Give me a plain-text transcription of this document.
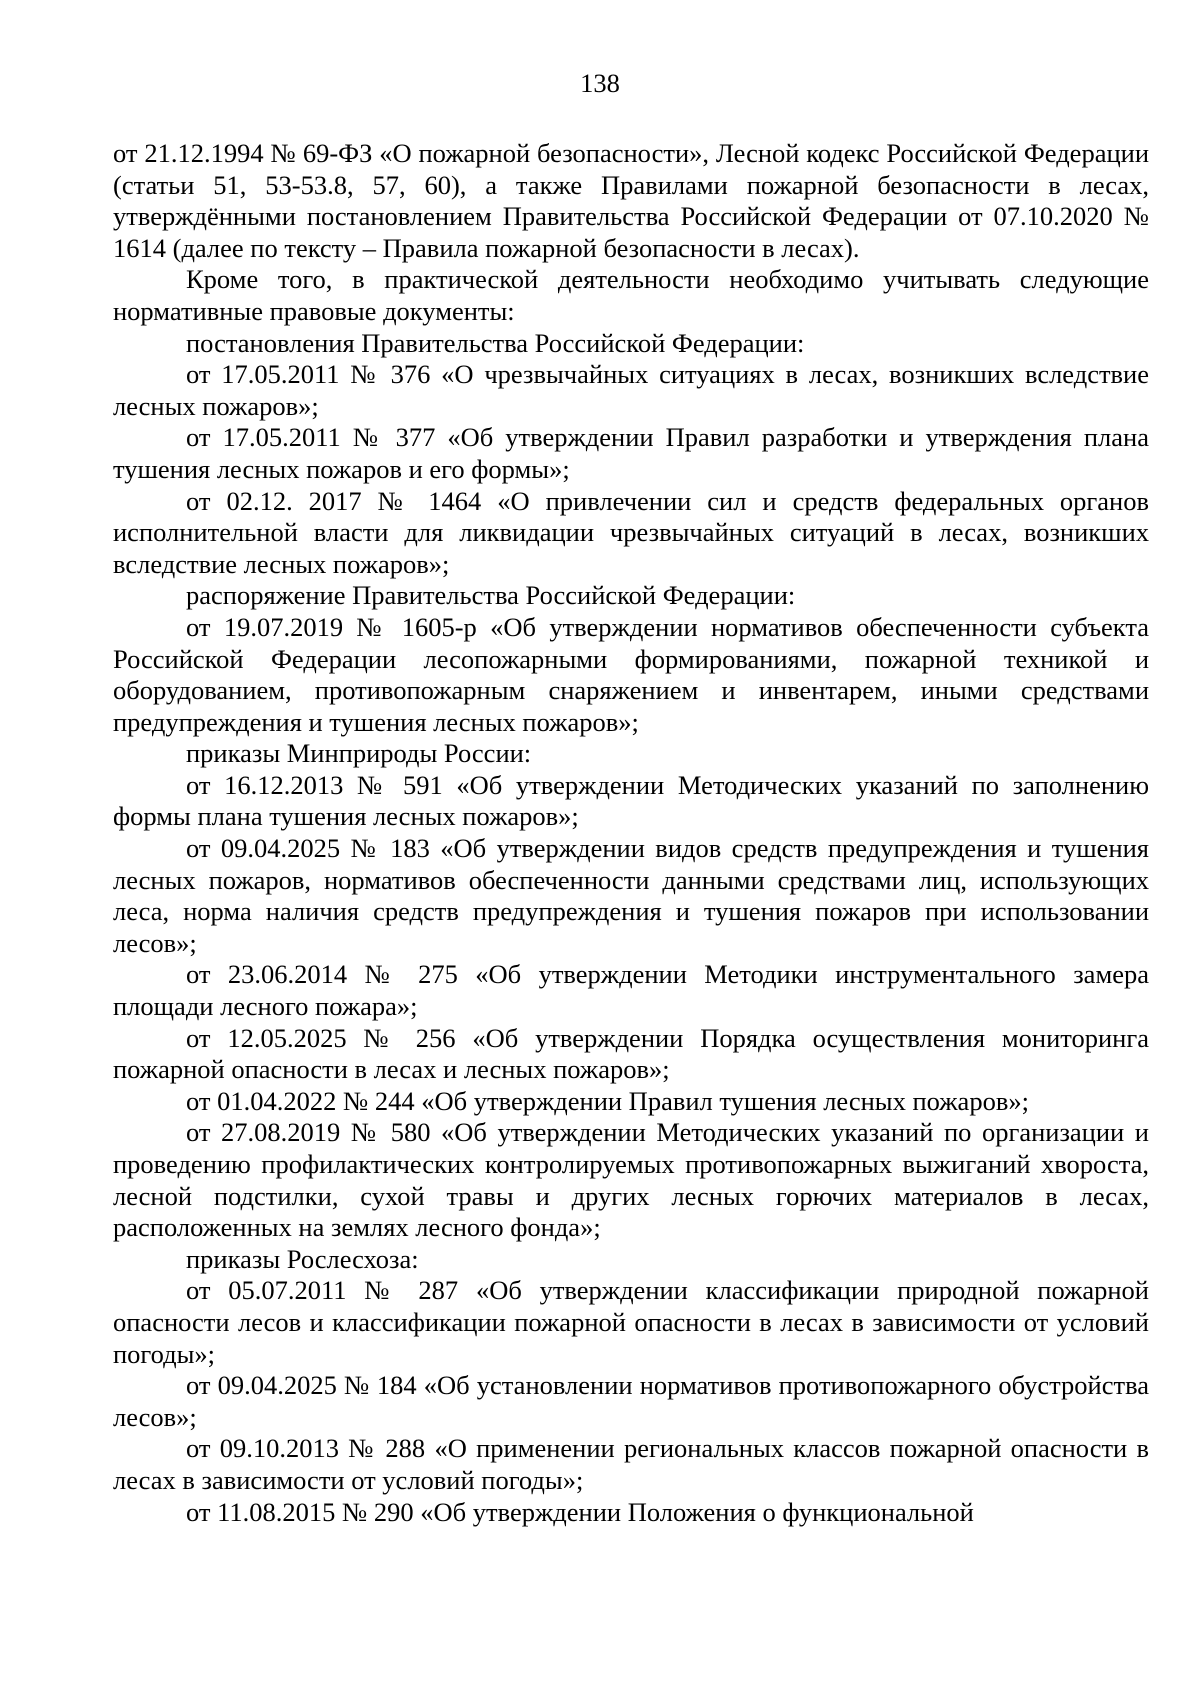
138

от 21.12.1994 № 69-ФЗ «О пожарной безопасности», Лесной кодекс Российской Федерации (статьи 51, 53-53.8, 57, 60), а также Правилами пожарной безопасности в лесах, утверждёнными постановлением Правительства Российской Федерации от 07.10.2020 № 1614 (далее по тексту – Правила пожарной безопасности в лесах).

Кроме того, в практической деятельности необходимо учитывать следующие нормативные правовые документы:

постановления Правительства Российской Федерации:

от 17.05.2011 № 376 «О чрезвычайных ситуациях в лесах, возникших вследствие лесных пожаров»;

от 17.05.2011 № 377 «Об утверждении Правил разработки и утверждения плана тушения лесных пожаров и его формы»;

от 02.12. 2017 № 1464 «О привлечении сил и средств федеральных органов исполнительной власти для ликвидации чрезвычайных ситуаций в лесах, возникших вследствие лесных пожаров»;

распоряжение Правительства Российской Федерации:

от 19.07.2019 № 1605-р «Об утверждении нормативов обеспеченности субъекта Российской Федерации лесопожарными формированиями, пожарной техникой и оборудованием, противопожарным снаряжением и инвентарем, иными средствами предупреждения и тушения лесных пожаров»;

приказы Минприроды России:

от 16.12.2013 № 591 «Об утверждении Методических указаний по заполнению формы плана тушения лесных пожаров»;

от 09.04.2025 № 183 «Об утверждении видов средств предупреждения и тушения лесных пожаров, нормативов обеспеченности данными средствами лиц, использующих леса, норма наличия средств предупреждения и тушения пожаров при использовании лесов»;

от 23.06.2014 № 275 «Об утверждении Методики инструментального замера площади лесного пожара»;

от 12.05.2025 № 256 «Об утверждении Порядка осуществления мониторинга пожарной опасности в лесах и лесных пожаров»;

от 01.04.2022 № 244 «Об утверждении Правил тушения лесных пожаров»;

от 27.08.2019 № 580 «Об утверждении Методических указаний по организации и проведению профилактических контролируемых противопожарных выжиганий хвороста, лесной подстилки, сухой травы и других лесных горючих материалов в лесах, расположенных на землях лесного фонда»;

приказы Рослесхоза:

от 05.07.2011 № 287 «Об утверждении классификации природной пожарной опасности лесов и классификации пожарной опасности в лесах в зависимости от условий погоды»;

от 09.04.2025 № 184 «Об установлении нормативов противопожарного обустройства лесов»;

от 09.10.2013 № 288 «О применении региональных классов пожарной опасности в лесах в зависимости от условий погоды»;

от 11.08.2015 № 290 «Об утверждении Положения о функциональной
